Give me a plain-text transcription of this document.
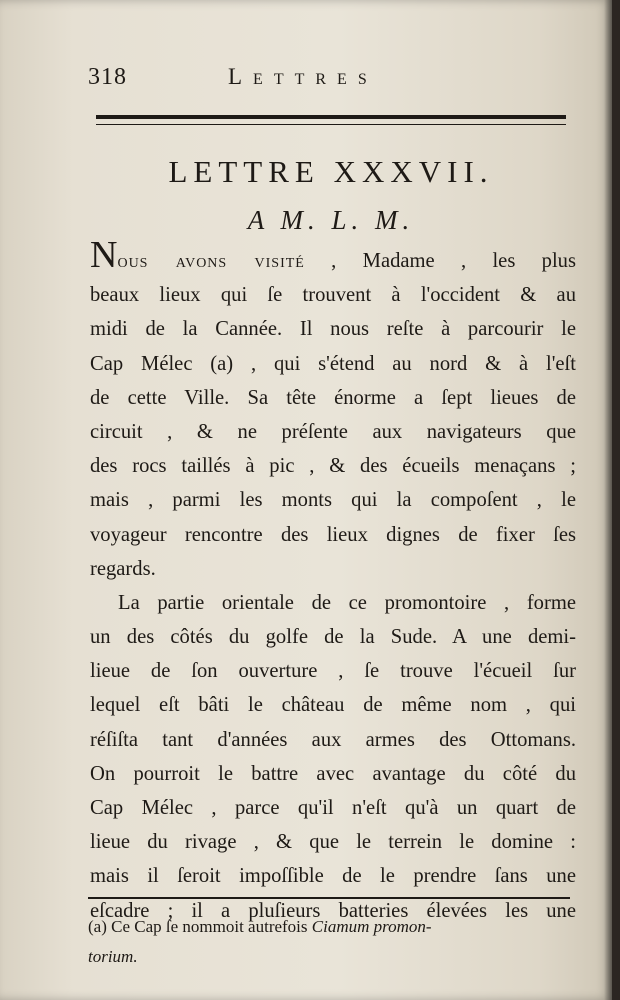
318	Lettres
LETTRE XXXVII.
A M. L. M.
Nous avons visité , Madame , les plus
beaux lieux qui ſe trouvent à l'occident & au
midi de la Cannée. Il nous reſte à parcourir le
Cap Mélec (a) , qui s'étend au nord & à l'eſt
de cette Ville. Sa tête énorme a ſept lieues de
circuit , & ne préſente aux navigateurs que
des rocs taillés à pic , & des écueils menaçans ;
mais , parmi les monts qui la compoſent , le
voyageur rencontre des lieux dignes de fixer ſes
regards.
La partie orientale de ce promontoire , forme
un des côtés du golfe de la Sude. A une demi-
lieue de ſon ouverture , ſe trouve l'écueil ſur
lequel eſt bâti le château de même nom , qui
réſiſta tant d'années aux armes des Ottomans.
On pourroit le battre avec avantage du côté du
Cap Mélec , parce qu'il n'eſt qu'à un quart de
lieue du rivage , & que le terrein le domine :
mais il ſeroit impoſſible de le prendre ſans une
eſcadre ; il a pluſieurs batteries élevées les une
(a) Ce Cap ſe nommoit autrefois Ciamum promon-
torium.
